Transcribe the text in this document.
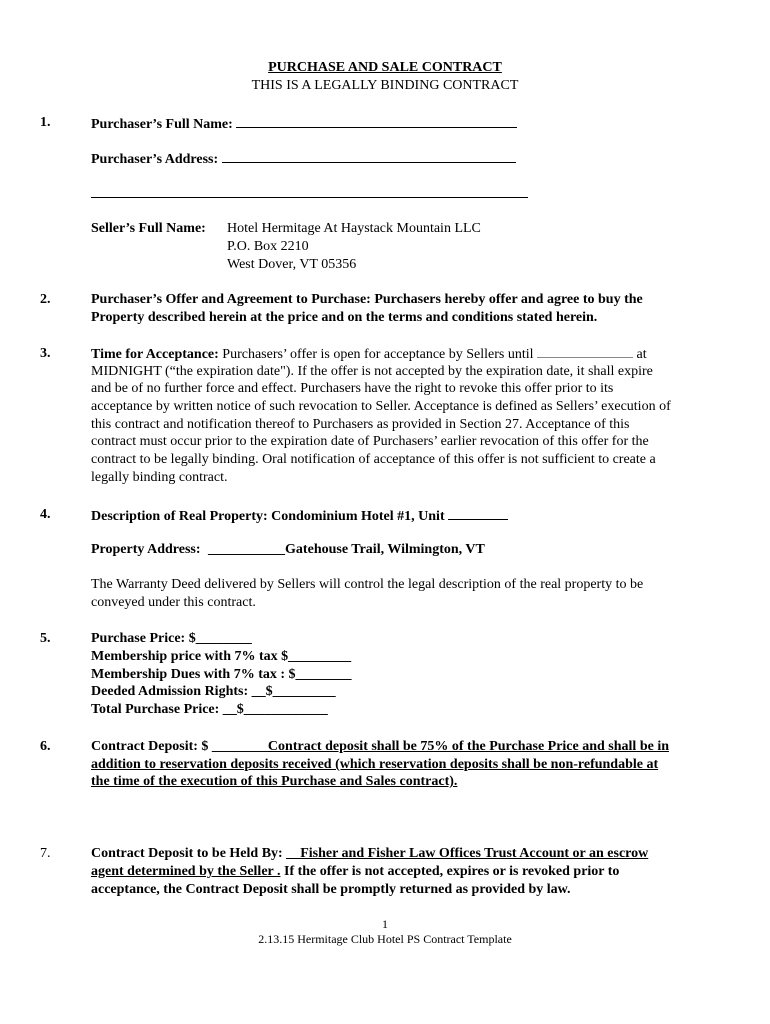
PURCHASE AND SALE CONTRACT
THIS IS A LEGALLY BINDING CONTRACT
1.	Purchaser’s Full Name:
Purchaser’s Address:
Seller’s Full Name: Hotel Hermitage At Haystack Mountain LLC
P.O. Box 2210
West Dover, VT 05356
2.	Purchaser’s Offer and Agreement to Purchase: Purchasers hereby offer and agree to buy the
Property described herein at the price and on the terms and conditions stated herein.
3.	Time for Acceptance: Purchasers’ offer is open for acceptance by Sellers until	at
MIDNIGHT (“the expiration date"). If the offer is not accepted by the expiration date, it shall expire
and be of no further force and effect. Purchasers have the right to revoke this offer prior to its
acceptance by written notice of such revocation to Seller. Acceptance is defined as Sellers’ execution of
this contract and notification thereof to Purchasers as provided in Section 27. Acceptance of this
contract must occur prior to the expiration date of Purchasers’ earlier revocation of this offer for the
contract to be legally binding. Oral notification of acceptance of this offer is not sufficient to create a
legally binding contract.
4.	Description of Real Property: Condominium Hotel #1, Unit
Property Address: ___________Gatehouse Trail, Wilmington, VT
The Warranty Deed delivered by Sellers will control the legal description of the real property to be
conveyed under this contract.
5.	Purchase Price: $________
Membership price with 7% tax $_________
Membership Dues with 7% tax : $________
Deeded Admission Rights: __$_________
Total Purchase Price: __$____________
6.	Contract Deposit: $ ________Contract deposit shall be 75% of the Purchase Price and shall be in
addition to reservation deposits received (which reservation deposits shall be non-refundable at
the time of the execution of this Purchase and Sales contract).
7.	Contract Deposit to be Held By: __Fisher and Fisher Law Offices Trust Account or an escrow
agent determined by the Seller . If the offer is not accepted, expires or is revoked prior to
acceptance, the Contract Deposit shall be promptly returned as provided by law.
1
2.13.15 Hermitage Club Hotel PS Contract Template
